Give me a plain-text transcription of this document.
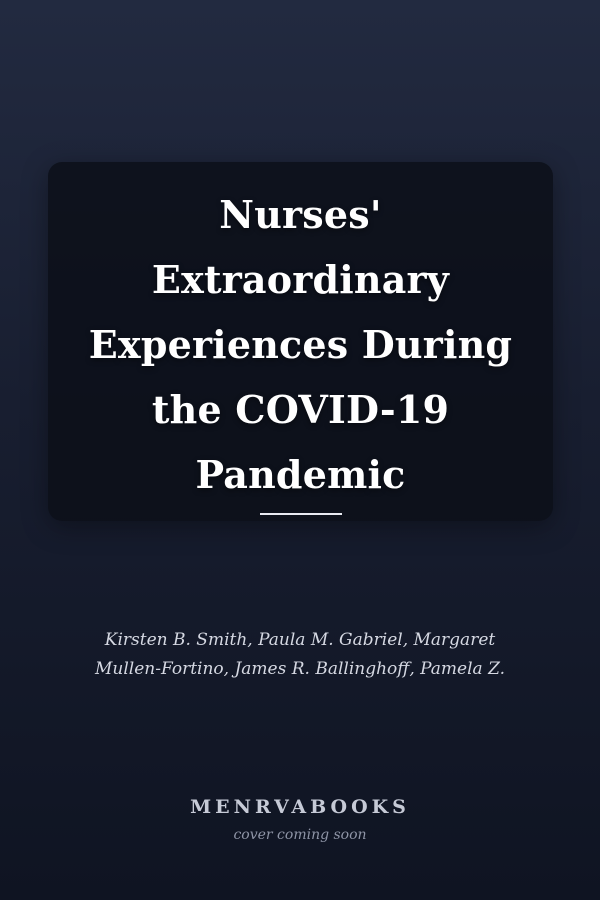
Nurses'
Extraordinary
Experiences During
the COVID-19
Pandemic
Kirsten B. Smith, Paula M. Gabriel, Margaret
Mullen-Fortino, James R. Ballinghoff, Pamela Z.
MENRVABOOKS
cover coming soon
